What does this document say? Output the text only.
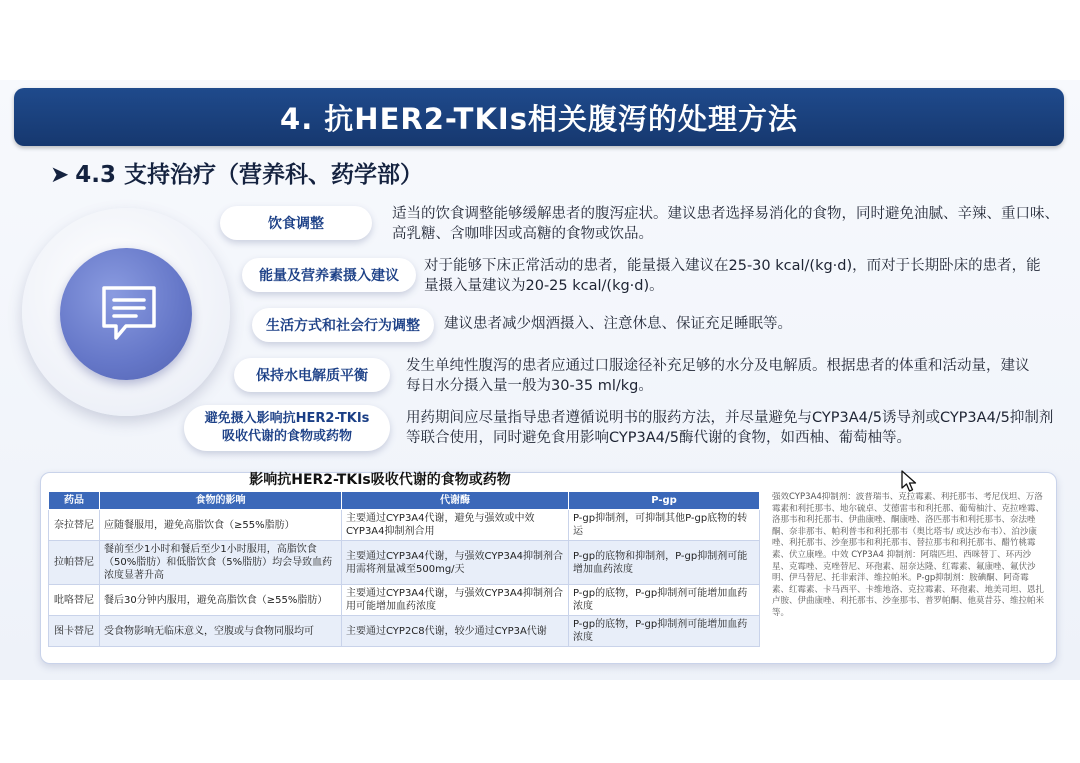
4. 抗HER2-TKIs相关腹泻的处理方法
➤ 4.3 支持治疗（营养科、药学部）
饮食调整
适当的饮食调整能够缓解患者的腹泻症状。建议患者选择易消化的食物，同时避免油腻、辛辣、重口味、高乳糖、含咖啡因或高糖的食物或饮品。
能量及营养素摄入建议
对于能够下床正常活动的患者，能量摄入建议在25-30 kcal/(kg·d)，而对于长期卧床的患者，能量摄入量建议为20-25 kcal/(kg·d)。
生活方式和社会行为调整	建议患者减少烟酒摄入、注意休息、保证充足睡眠等。
保持水电解质平衡
发生单纯性腹泻的患者应通过口服途径补充足够的水分及电解质。根据患者的体重和活动量，建议每日水分摄入量一般为30-35 ml/kg。
避免摄入影响抗HER2-TKIs
吸收代谢的食物或药物
用药期间应尽量指导患者遵循说明书的服药方法，并尽量避免与CYP3A4/5诱导剂或CYP3A4/5抑制剂等联合使用，同时避免食用影响CYP3A4/5酶代谢的食物，如西柚、葡萄柚等。
影响抗HER2-TKIs吸收代谢的食物或药物
药品	食物的影响	代谢酶	P-gp
奈拉替尼	应随餐服用，避免高脂饮食（≥55%脂肪）	主要通过CYP3A4代谢，避免与强效或中效CYP3A4抑制剂合用	P-gp抑制剂，可抑制其他P-gp底物的转运
拉帕替尼	餐前至少1小时和餐后至少1小时服用，高脂饮食（50%脂肪）和低脂饮食（5%脂肪）均会导致血药浓度显著升高	主要通过CYP3A4代谢，与强效CYP3A4抑制剂合用需将剂量减至500mg/天	P-gp的底物和抑制剂，P-gp抑制剂可能增加血药浓度
吡咯替尼	餐后30分钟内服用，避免高脂饮食（≥55%脂肪）	主要通过CYP3A4代谢，与强效CYP3A4抑制剂合用可能增加血药浓度	P-gp的底物，P-gp抑制剂可能增加血药浓度
图卡替尼	受食物影响无临床意义，空腹或与食物同服均可	主要通过CYP2C8代谢，较少通过CYP3A代谢	P-gp的底物，P-gp抑制剂可能增加血药浓度
强效CYP3A4抑制剂：波普瑞韦、克拉霉素、利托那韦、考尼伐坦、万洛霉素和利托那韦、地尔硫卓、艾德雷韦和利托那、葡萄柚汁、克拉唑霉、洛那韦和利托那韦、伊曲康唑、酮康唑、洛匹那韦和利托那韦、奈法唑酮、奈非那韦、帕利普韦和利托那韦（奥比塔韦/ 或达沙布韦）、泊沙康唑、利托那韦、沙奎那韦和利托那韦、替拉那韦和利托那韦、醋竹桃霉素、伏立康唑。中效 CYP3A4 抑制剂：阿瑞匹坦、西咪替丁、环丙沙星、克霉唑、克唑替尼、环孢素、屈奈达隆、红霉素、氟康唑、氟伏沙明、伊马替尼、托非索泮、维拉帕米。P-gp抑制剂：胺碘酮、阿奇霉素、红霉素、卡马西平、卡维地洛、克拉霉素、环孢素、地美司坦、恩扎卢胺、伊曲康唑、利托那韦、沙奎那韦、普罗帕酮、他莫昔芬、维拉帕米等。
